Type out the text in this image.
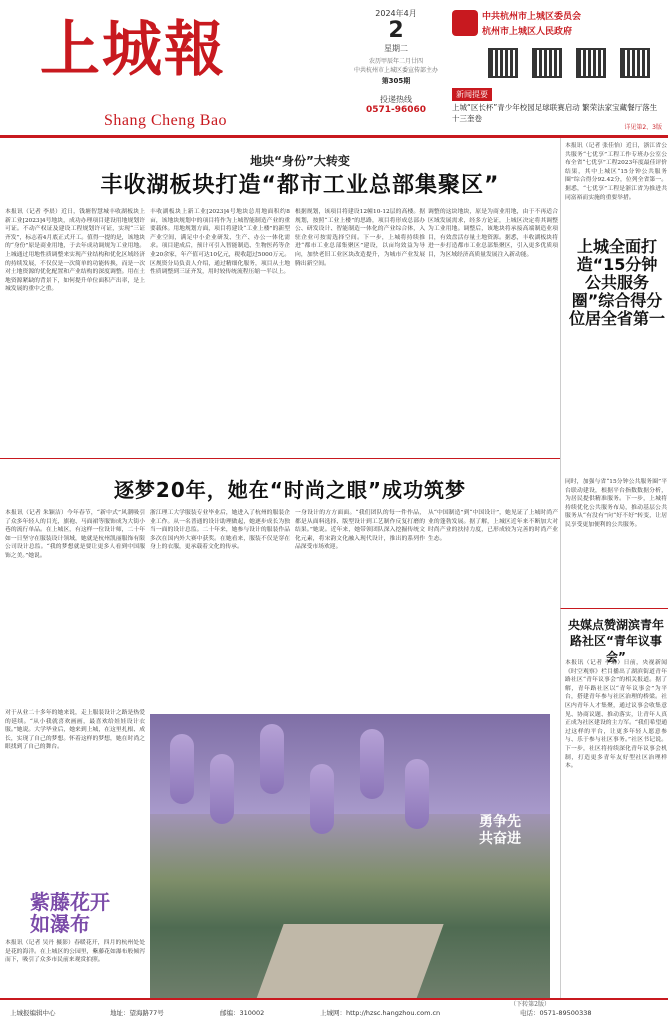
上城報
Shang Cheng Bao
2024年4月
2
星期二
农历甲辰年二月廿四
中共杭州市上城区委宣传部主办
第305期
投递热线
0571-96060
中共杭州市上城区委员会
杭州市上城区人民政府
新闻提要
上城“区长杯”青少年校园足球联赛启动 繁荣法家宝藏餐厅落生十三奎卷
详见第2、3版
地块“身份”大转变
丰收湖板块打造“都市工业总部集聚区”
本报讯（记者 李晨）近日，钱塘智慧城丰收湖板块上新工业[2023]4号地块，成功办理项目建设用地规划许可证。不动产权证及建设工程规划许可证，实现“三证齐发”，标志着4月底正式开工。值得一提的是，该地块的“身份”原是商业用地，于去年成功调规为工业用地。上城通过用地性质调整来实现产业结构和优化区域经济的持续发展，不仅仅是一次简单的功能转换，而是一次对土地资源的优化配置和产业结构的深度调整。用在土地资源紧缺的背景下，如何提升单位面积产出率，是上城发展的重中之重。
丰收湖板块上新工业[2023]4号地块总用地面积约8亩，该地块规划中的项目将作为上城智能制造产业的重要载体。用地规划方面，项目将建设“工业上楼”的新型产业空间，满足中小企业研发、生产、办公一体化需求。项目建成后，预计可引入智能制造、生物医药等企业20余家，年产值可达10亿元，税收超过5000万元。区规资分局负责人介绍，通过精细化服务，项目从土地性质调整到三证齐发，用时较传统流程压缩一半以上。
根据规划，该项目将建设12幢10-12层的高楼。据规划，按照“工业上楼”的思路，项目将形成总部办公、研发设计、智能制造一体化的产业综合体，入驻企业可按需选择空间。下一步，上城将持续推进“都市工业总部集聚区”建设，以亩均效益为导向，加快老旧工业区块改造提升，为城市产业发展腾出新空间。
调整的这块地块，原是为商业用地，由于不再适合区域发展需求，经多方论证，上城区决定将其调整为工业用地。调整后，该地块将承接高端制造业项目，有效盘活存量土地资源。据悉，丰收湖板块将进一步打造都市工业总部集聚区，引入更多优质项目，为区域经济高质量发展注入新动能。
本报讯（记者 张佳怡）近日，浙江省公共服务“七优享”工程工作专班办公室公布全省“七优享”工程2023年度最佳评价结果，其中上城区“15分钟公共服务圈”综合得分92.42分，位列全省第一。据悉，“七优享”工程是浙江省为推进共同富裕而实施的重要举措。
上城全面打造“15分钟公共服务圈”综合得分位居全省第一
同时，加强与省“15分钟公共服务圈”平台联动建设，根据平台指数数据分析，为居民提供精准服务。下一步，上城将持续优化公共服务布局，推动基层公共服务从“有没有”向“好不好”转变，让居民享受更加便利的公共服务。
逐梦20年，她在“时尚之眼”成功筑梦
本报讯（记者 朱颖洁）今年春节，“新中式”风潮吸引了众多年轻人的目光，旗袍、马面裙等服饰成为大街小巷的流行单品。在上城区，有这样一位设计师，二十年如一日坚守在服装设计领域，她就是杭州凯丽服饰有限公司设计总监。“我的梦想就是要让更多人看到中国服饰之美。”她说。
浙江理工大学服装专业毕业后，她进入了杭州的服装企业工作。从一名普通的设计助理做起，她逐步成长为独当一面的设计总监。二十年来，她参与设计的服装作品多次在国内外大赛中获奖。在她看来，服装不仅是穿在身上的衣服，更承载着文化的传承。
一身设计的方方面面。“我们团队的每一件作品，都是从面料选择、版型设计到工艺制作反复打磨的结果。”她说。近年来，她带领团队深入挖掘传统文化元素，将宋韵文化融入现代设计，推出的系列作品深受市场欢迎。
从“中国制造”到“中国设计”，她见证了上城时尚产业的蓬勃发展。据了解，上城区近年来不断加大对时尚产业的扶持力度，已形成较为完善的时尚产业生态。
对于从业二十多年的她来说，走上服装设计之路是热爱的延续。“从小我就喜欢画画，最喜欢给娃娃设计衣服。”她说。大学毕业后，她来到上城，在这里扎根、成长，实现了自己的梦想。怀着这样的梦想，她在时尚之眼找到了自己的舞台。
勇争先 共奋进
（下转第2版）
紫藤花开 如瀑布
本报讯（记者 吴丹 摄影）春暖花开，四月的杭州处处是花的海洋。在上城区的公园里，紫藤花如瀑布般倾泻而下，吸引了众多市民前来观赏拍照。
央媒点赞湖滨青年路社区“青年议事会”
本报讯（记者 李琳）日前，央视新闻《时空观察》栏目播出了湖滨街道青年路社区“青年议事会”的相关报道。据了解，青年路社区以“青年议事会”为平台，搭建青年参与社区治理的桥梁。社区内青年人才集聚，通过议事会收集意见、协商议题、推动落实，让青年人真正成为社区建设的主力军。“我们希望通过这样的平台，让更多年轻人愿意参与、乐于参与社区事务。”社区书记说。下一步，社区将持续深化青年议事会机制，打造更多青年友好型社区治理样本。
上城报编辑中心	地址：望海路77号	邮编：310002	上城网：http://hzsc.hangzhou.com.cn	电话：0571-89500338
